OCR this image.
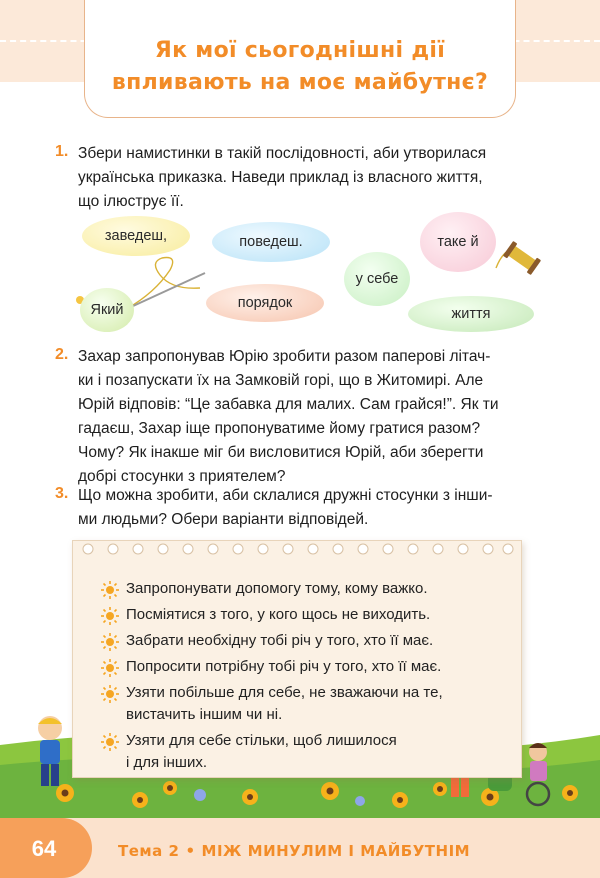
Як мої сьогоднішні дії
впливають на моє майбутнє?
1. Збери намистинки в такій послідовності, аби утворилася
українська приказка. Наведи приклад із власного життя,
що ілюструє її.
заведеш,	поведеш.	таке й
у себе
Який	порядок
життя
2. Захар запропонував Юрію зробити разом паперові літач-
ки і позапускати їх на Замковій горі, що в Житомирі. Але
Юрій відповів: “Це забавка для малих. Сам грайся!”. Як ти
гадаєш, Захар іще пропонуватиме йому гратися разом?
Чому? Як інакше міг би висловитися Юрій, аби зберегти
добрі стосунки з приятелем?
3. Що можна зробити, аби склалися дружні стосунки з інши-
ми людьми? Обери варіанти відповідей.
Запропонувати допомогу тому, кому важко.
Посміятися з того, у кого щось не виходить.
Забрати необхідну тобі річ у того, хто її має.
Попросити потрібну тобі річ у того, хто її має.
Узяти побільше для себе, не зважаючи на те,
вистачить іншим чи ні.
Узяти для себе стільки, щоб лишилося
і для інших.
64	Тема 2 • МІЖ МИНУЛИМ І МАЙБУТНІМ
